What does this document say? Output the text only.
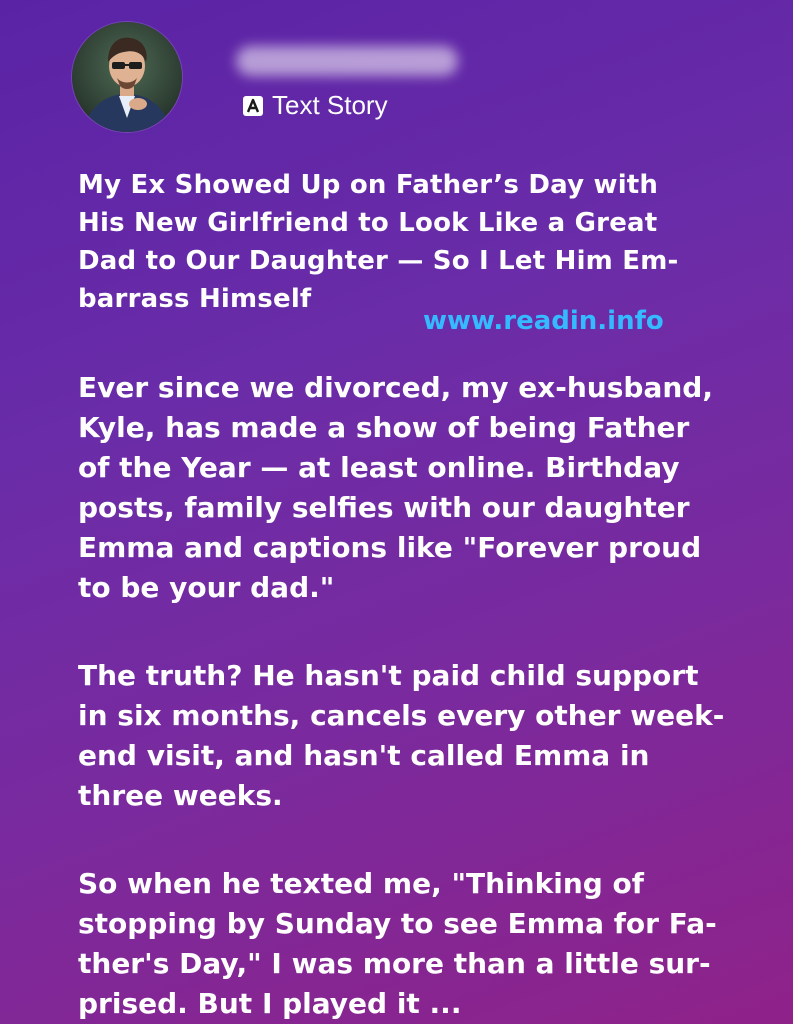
Text Story
My Ex Showed Up on Father’s Day with
His New Girlfriend to Look Like a Great
Dad to Our Daughter — So I Let Him Em-
barrass Himself
www.readin.info
Ever since we divorced, my ex-husband,
Kyle, has made a show of being Father
of the Year — at least online. Birthday
posts, family selfies with our daughter
Emma and captions like "Forever proud
to be your dad."
The truth? He hasn't paid child support
in six months, cancels every other week-
end visit, and hasn't called Emma in
three weeks.
So when he texted me, "Thinking of
stopping by Sunday to see Emma for Fa-
ther's Day," I was more than a little sur-
prised. But I played it ...
